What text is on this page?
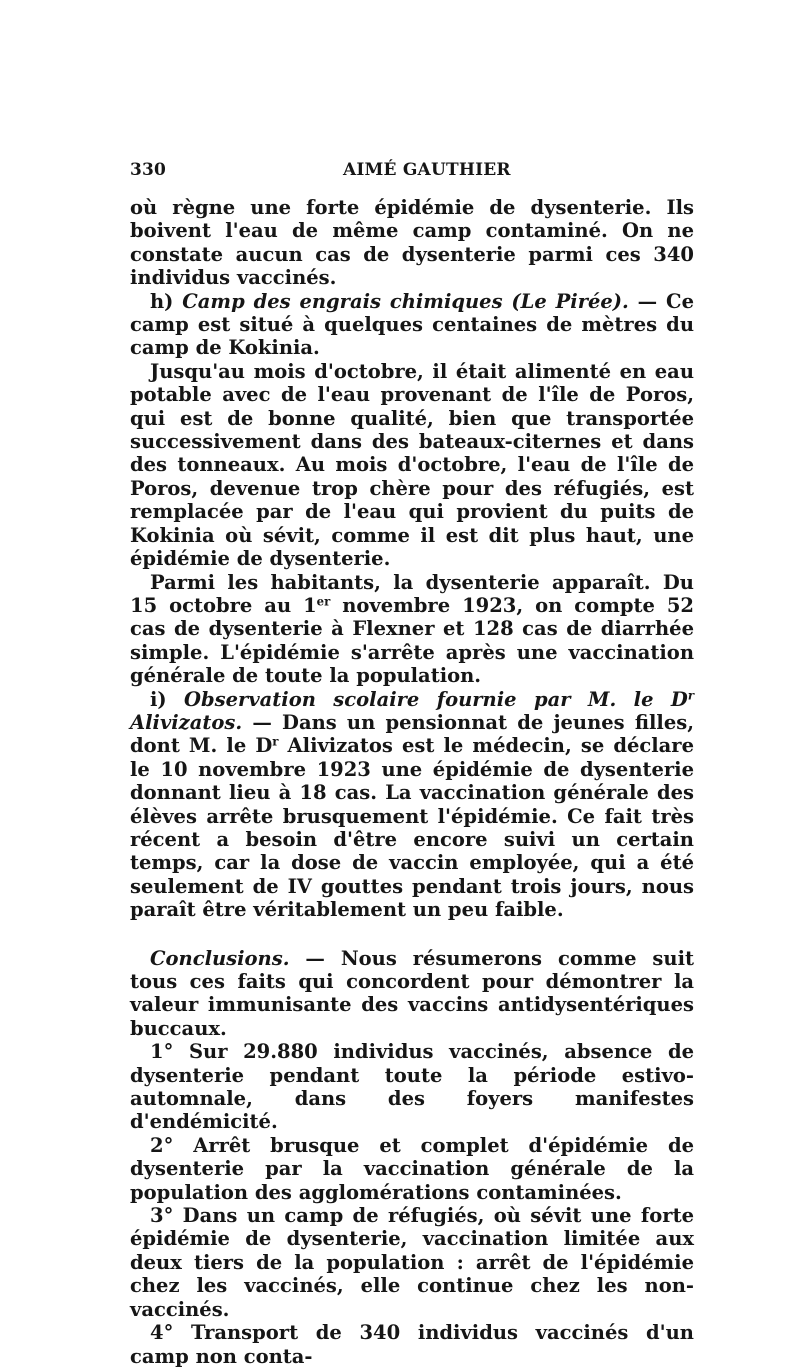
330	AIMÉ GAUTHIER

où règne une forte épidémie de dysenterie. Ils boivent l'eau de même camp contaminé. On ne constate aucun cas de dysenterie parmi ces 340 individus vaccinés.

h) Camp des engrais chimiques (Le Pirée). — Ce camp est situé à quelques centaines de mètres du camp de Kokinia.

Jusqu'au mois d'octobre, il était alimenté en eau potable avec de l'eau provenant de l'île de Poros, qui est de bonne qualité, bien que transportée successivement dans des bateaux-citernes et dans des tonneaux. Au mois d'octobre, l'eau de l'île de Poros, devenue trop chère pour des réfugiés, est remplacée par de l'eau qui provient du puits de Kokinia où sévit, comme il est dit plus haut, une épidémie de dysenterie.

Parmi les habitants, la dysenterie apparaît. Du 15 octobre au 1er novembre 1923, on compte 52 cas de dysenterie à Flexner et 128 cas de diarrhée simple. L'épidémie s'arrête après une vaccination générale de toute la population.

i) Observation scolaire fournie par M. le $D^r$ Alivizatos. — Dans un pensionnat de jeunes filles, dont M. le $D^r$ Alivizatos est le médecin, se déclare le 10 novembre 1923 une épidémie de dysenterie donnant lieu à 18 cas. La vaccination générale des élèves arrête brusquement l'épidémie. Ce fait très récent a besoin d'être encore suivi un certain temps, car la dose de vaccin employée, qui a été seulement de IV gouttes pendant trois jours, nous paraît être véritablement un peu faible.

Conclusions. — Nous résumerons comme suit tous ces faits qui concordent pour démontrer la valeur immunisante des vaccins antidysentériques buccaux.

1° Sur 29.880 individus vaccinés, absence de dysenterie pendant toute la période estivo-automnale, dans des foyers manifestes d'endémicité.

2° Arrêt brusque et complet d'épidémie de dysenterie par la vaccination générale de la population des agglomérations contaminées.

3° Dans un camp de réfugiés, où sévit une forte épidémie de dysenterie, vaccination limitée aux deux tiers de la population : arrêt de l'épidémie chez les vaccinés, elle continue chez les non-vaccinés.

4° Transport de 340 individus vaccinés d'un camp non conta-
